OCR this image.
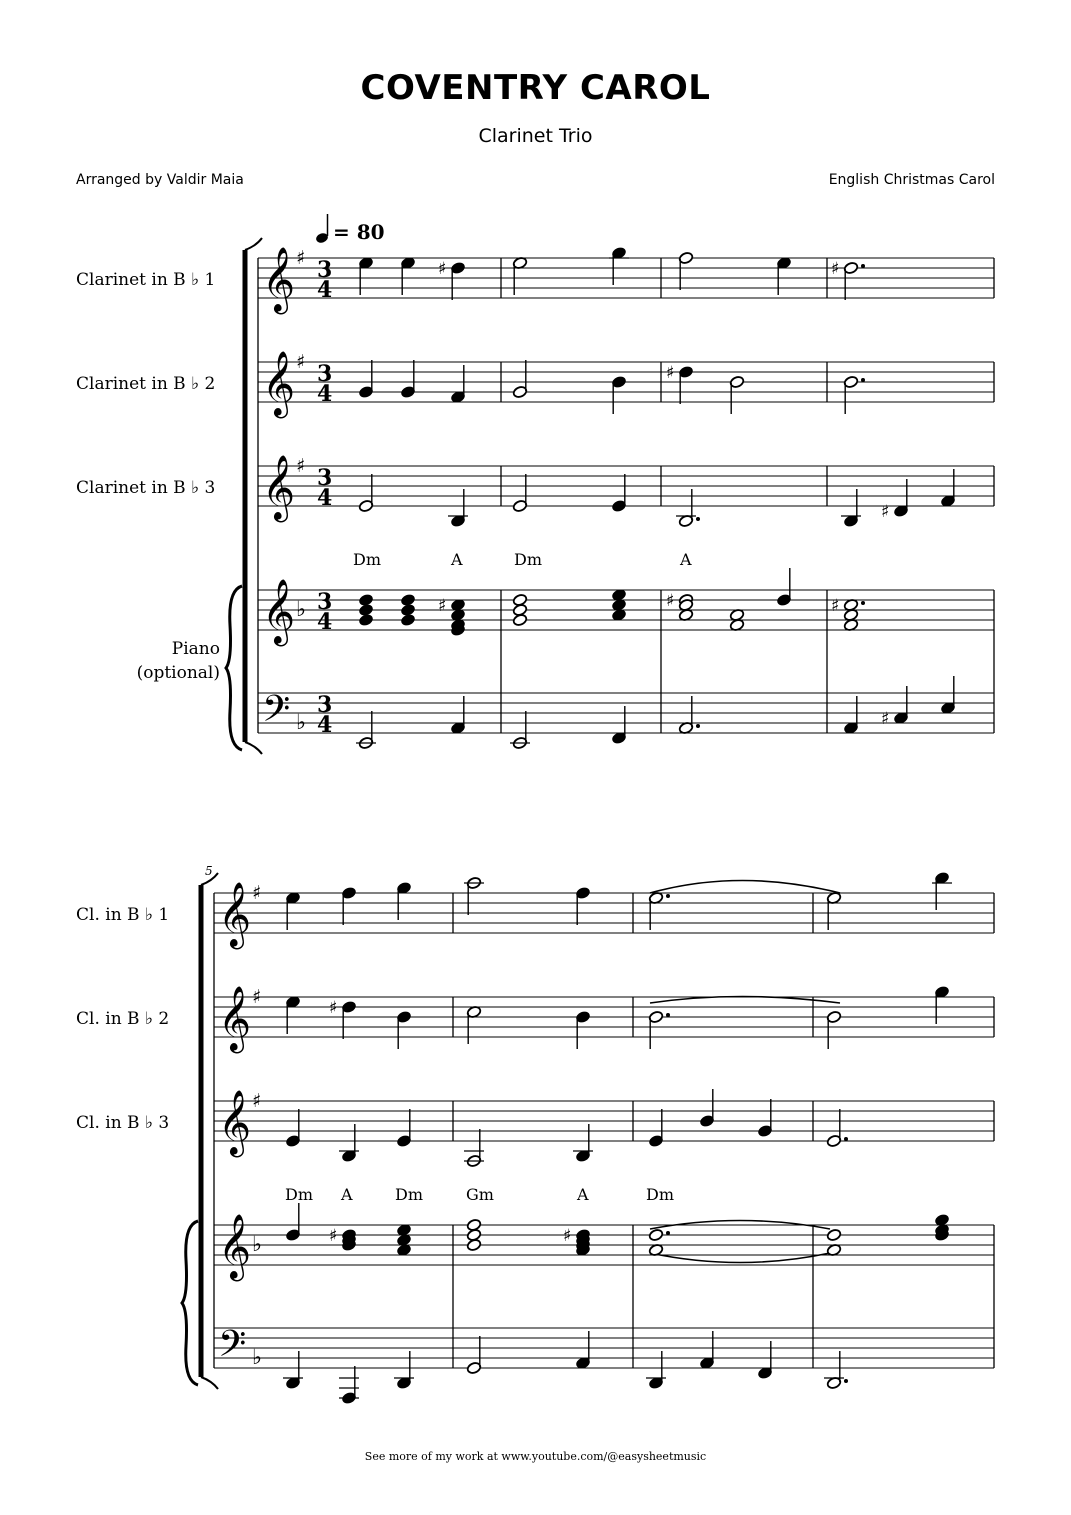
COVENTRY CAROL
Clarinet Trio
Arranged by Valdir Maia	English Christmas Carol
= 80
Clarinet in B ♭ 1
Clarinet in B ♭ 2
Clarinet in B ♭ 3
Piano
(optional)
𝄞
𝄞
𝄞
𝄞
𝄢
♯
♯
♯
♭
♭
3
4
3
4
3
4
3
4
3
4
Dm	A	Dm	A
♯	♯
♯
♯
♯	♯	♯
♯
5
Cl. in B ♭ 1
Cl. in B ♭ 2
Cl. in B ♭ 3
𝄞
𝄞
𝄞
𝄞
𝄢
♯
♯
♯
♭
♭
Dm A	Dm	Gm	A	Dm
♯
♯	♯
See more of my work at www.youtube.com/@easysheetmusic
